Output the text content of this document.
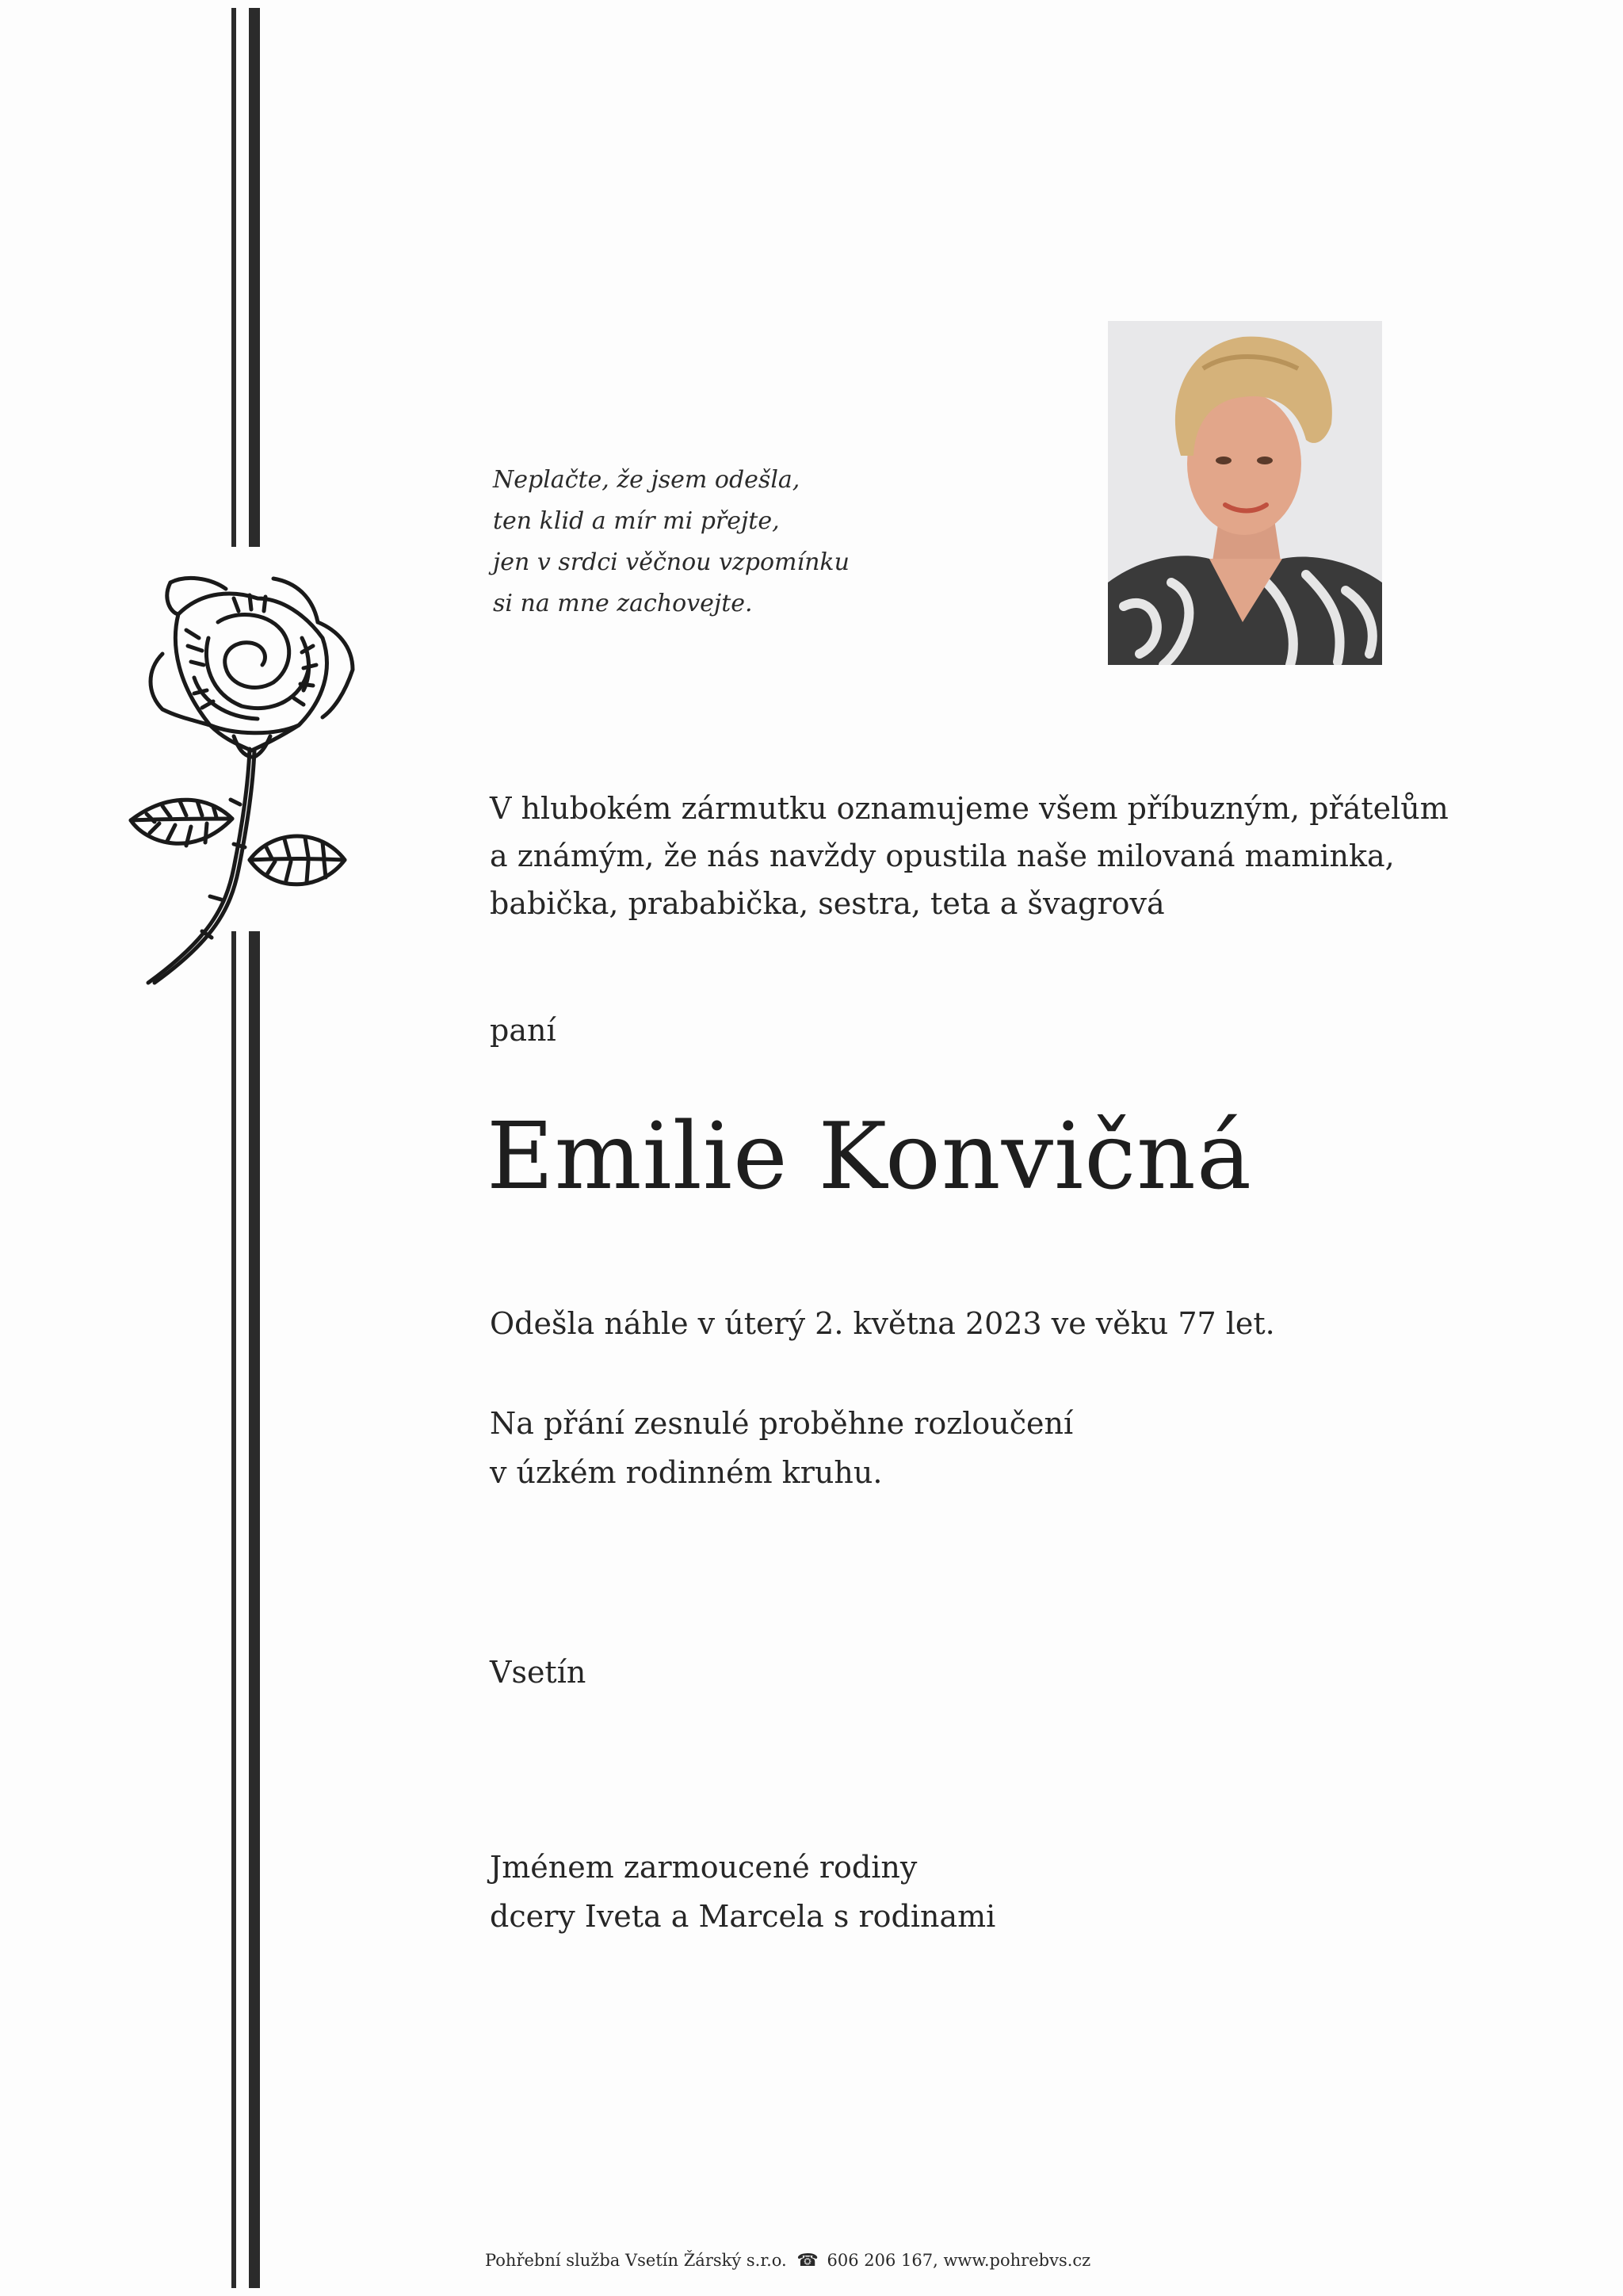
Neplačte, že jsem odešla,
ten klid a mír mi přejte,
jen v srdci věčnou vzpomínku
si na mne zachovejte.
V hlubokém zármutku oznamujeme všem příbuzným, přátelům
a známým, že nás navždy opustila naše milovaná maminka,
babička, prababička, sestra, teta a švagrová
paní
Emilie Konvičná
Odešla náhle v úterý 2. května 2023 ve věku 77 let.
Na přání zesnulé proběhne rozloučení
v úzkém rodinném kruhu.
Vsetín
Jménem zarmoucené rodiny
dcery Iveta a Marcela s rodinami
Pohřební služba Vsetín Žárský s.r.o. ☎ 606 206 167, www.pohrebvs.cz
